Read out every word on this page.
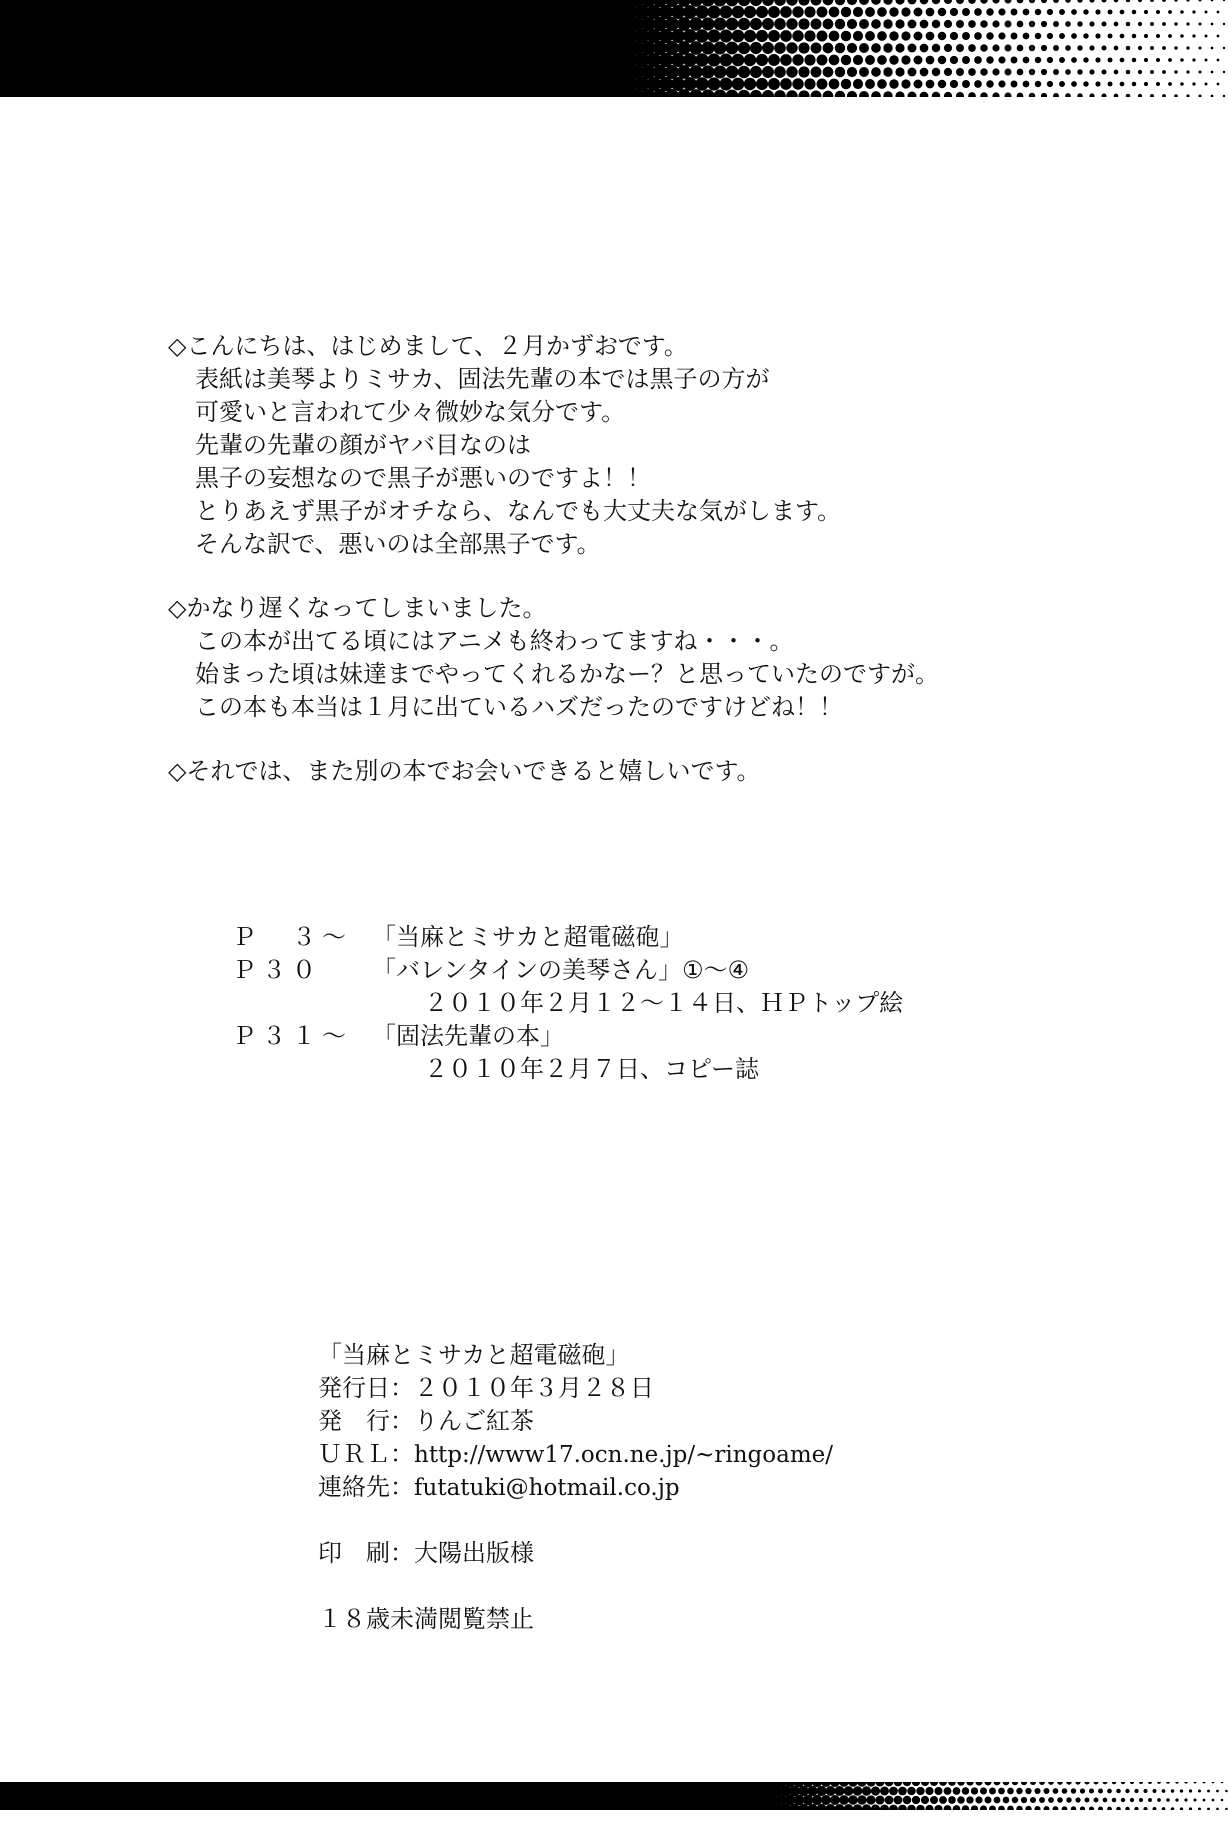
◇こんにちは、はじめまして、２月かずおです。
表紙は美琴よりミサカ、固法先輩の本では黒子の方が
可愛いと言われて少々微妙な気分です。
先輩の先輩の顔がヤバ目なのは
黒子の妄想なので黒子が悪いのですよ！！
とりあえず黒子がオチなら、なんでも大丈夫な気がします。
そんな訳で、悪いのは全部黒子です。
◇かなり遅くなってしまいました。
この本が出てる頃にはアニメも終わってますね・・・。
始まった頃は妹達までやってくれるかなー？と思っていたのですが。
この本も本当は１月に出ているハズだったのですけどね！！
◇それでは、また別の本でお会いできると嬉しいです。
Ｐ　３～ 「当麻とミサカと超電磁砲」
Ｐ３０ 「バレンタインの美琴さん」①～④
２０１０年２月１２～１４日、ＨＰトップ絵
Ｐ３１～ 「固法先輩の本」
２０１０年２月７日、コピー誌
「当麻とミサカと超電磁砲」
発行日：２０１０年３月２８日
発　行：りんご紅茶
ＵＲＬ：http://www17.ocn.ne.jp/~ringoame/
連絡先：futatuki@hotmail.co.jp
印　刷：大陽出版様
１８歳未満閲覧禁止
